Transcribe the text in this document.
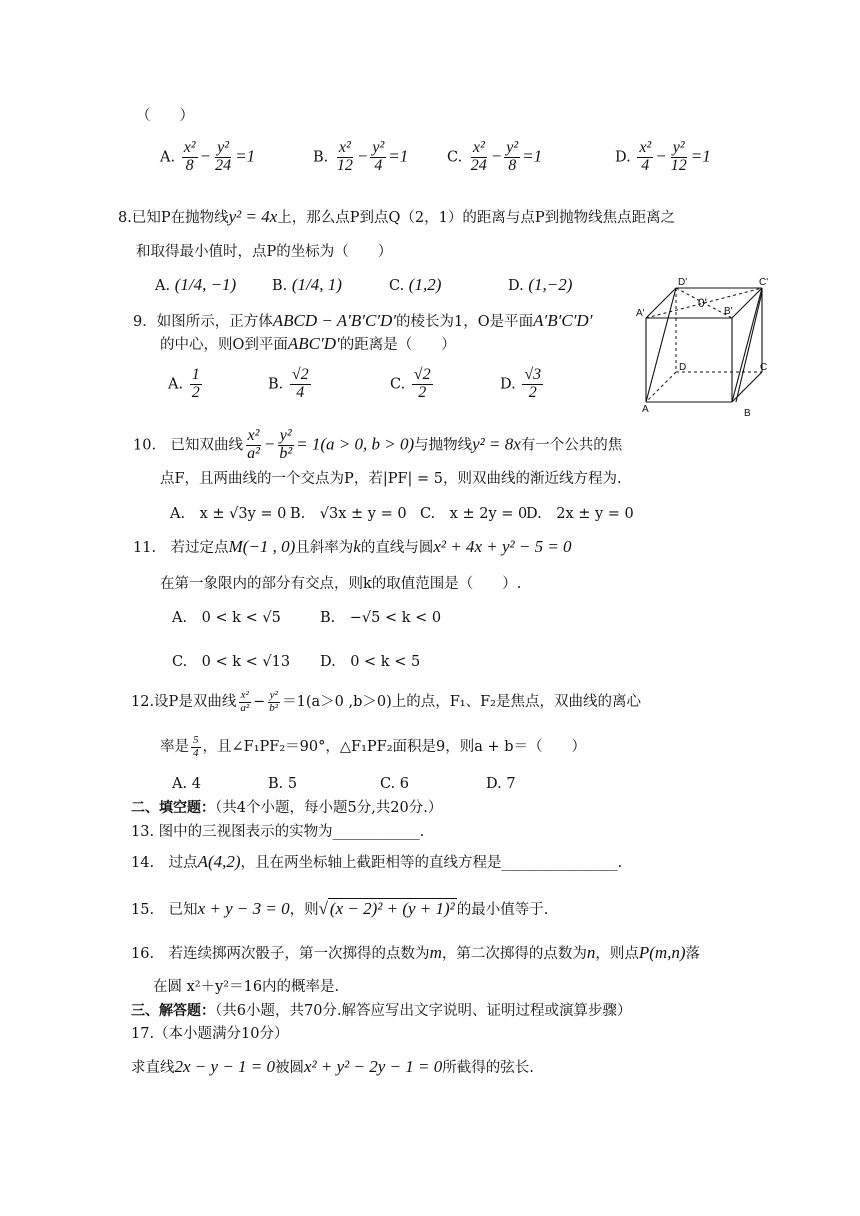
（　　）
A. $\frac{\text{x²}}{8} - \frac{\text{y²}}{24} =1$	B. $\frac{\text{x²}}{12} - \frac{\text{y²}}{4} =1$	C. $\frac{\text{x²}}{24} - \frac{\text{y²}}{8} =1$	D. $\frac{\text{x²}}{4} - \frac{\text{y²}}{12} =1$
8.已知P在抛物线y² = 4x上，那么点P到点Q（2，1）的距离与点P到抛物线焦点距离之
和取得最小值时，点P的坐标为（　　）
A. (1/4, −1) B. (1/4, 1)	C. (1,2)	D. (1,−2)
9．如图所示，正方体ABCD − A′B′C′D′的棱长为1，O是平面A′B′C′D′
的中心，则O到平面ABC′D′的距离是（　　）
A. $\frac{1}{2}$	B. $\frac{√2}{4}$	C. $\frac{√2}{2}$	D. $\frac{√3}{2}$
D'	C'
A'	B'
0'
D	C
A	B
10.　已知双曲线 $\frac{\text{x²}}{\text{a²}} - \frac{\text{y²}}{\text{b²}} = 1(a > 0$, b > 0)与抛物线y² = 8x有一个公共的焦
点F，且两曲线的一个交点为P，若|PF| = 5，则双曲线的渐近线方程为.
A.　x ± √3y = 0 B.　√3x ± y = 0 C.　x ± 2y = 0
D.　2x ± y = 0
11.　若过定点M(−1 , 0)且斜率为k的直线与圆x² + 4x + y² − 5 = 0
在第一象限内的部分有交点，则k的取值范围是（　　）.
A.　0 < k < √5	B.　−√5 < k < 0
C.　0 < k < √13 D.　0 < k < 5
12.设P是双曲线 $\frac{\text{x²}}{\text{a²}} - \frac{\text{y²}}{\text{b²}} =1(a>0$ ,b＞0)上的点，F₁、F₂是焦点，双曲线的离心
率是 $\frac{5}{4}$ ，且∠F₁PF₂＝90°，△F₁PF₂面积是9，则a + b＝（　　）
A. 4	B. 5	C. 6	D. 7
二、填空题：（共4个小题，每小题5分,共20分.）
13. 图中的三视图表示的实物为____________.
14.　过点A(4,2)，且在两坐标轴上截距相等的直线方程是________________.
15.　已知x + y − 3 = 0，则√ (x − 2)² + (y + 1)² 的最小值等于.
16.　若连续掷两次骰子，第一次掷得的点数为m，第二次掷得的点数为n，则点P(m,n)落
在圆 x²＋y²＝16内的概率是.
三、解答题：（共6小题，共70分.解答应写出文字说明、证明过程或演算步骤）
17.（本小题满分10分）
求直线2x − y − 1 = 0被圆x² + y² − 2y − 1 = 0所截得的弦长.
